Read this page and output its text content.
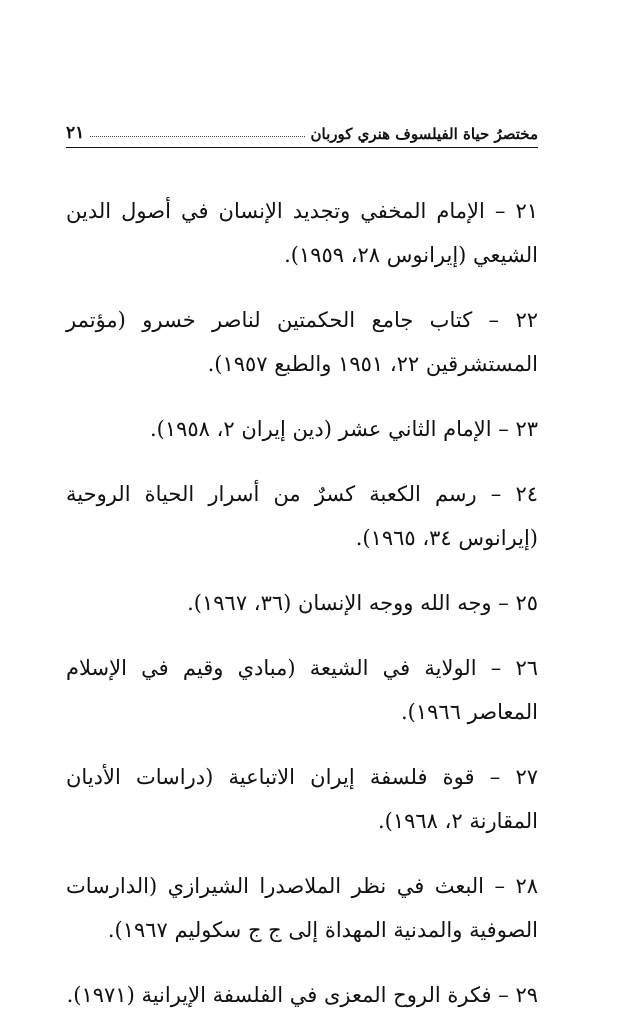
مختصرُ حياة الفيلسوف هنري كوربان
٢١

٢١ – الإمام المخفي وتجديد الإنسان في أصول الدين الشيعي (إيرانوس ٢٨، ١٩٥٩).

٢٢ – كتاب جامع الحكمتين لناصر خسرو (مؤتمر المستشرقين ٢٢، ١٩٥١ والطبع ١٩٥٧).

٢٣ – الإمام الثاني عشر (دين إيران ٢، ١٩٥٨).

٢٤ – رسم الكعبة كسرٌ من أسرار الحياة الروحية (إيرانوس ٣٤، ١٩٦٥).

٢٥ – وجه الله ووجه الإنسان (٣٦، ١٩٦٧).

٢٦ – الولاية في الشيعة (مبادي وقيم في الإسلام المعاصر ١٩٦٦).

٢٧ – قوة فلسفة إيران الاتباعية (دراسات الأديان المقارنة ٢، ١٩٦٨).

٢٨ – البعث في نظر الملاصدرا الشيرازي (الدارسات الصوفية والمدنية المهداة إلى ج ج سكوليم ١٩٦٧).

٢٩ – فكرة الروح المعزى في الفلسفة الإيرانية (١٩٧١).
